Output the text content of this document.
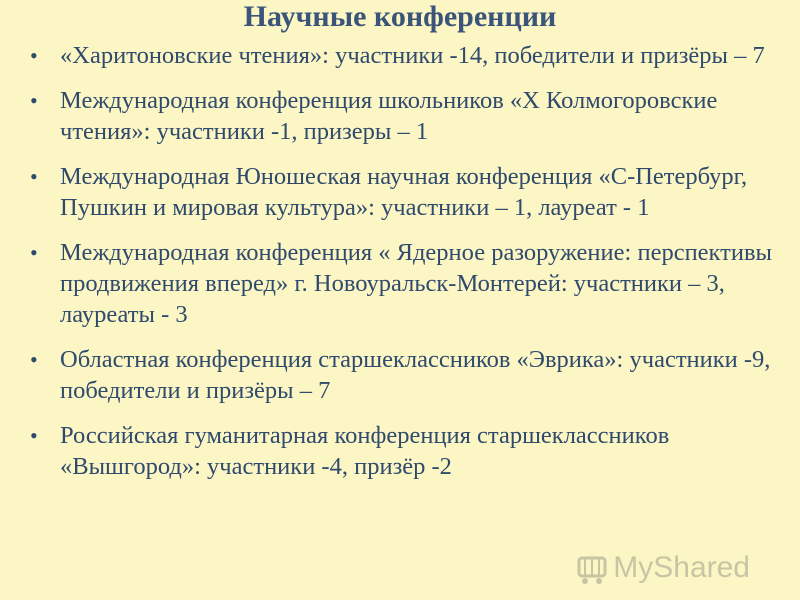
Научные конференции
• «Харитоновские чтения»: участники -14, победители и призёры – 7
• Международная конференция школьников «X Колмогоровские чтения»: участники -1, призеры – 1
• Международная Юношеская научная конференция «С-Петербург, Пушкин и мировая культура»: участники – 1, лауреат - 1
• Международная конференция « Ядерное разоружение: перспективы продвижения вперед» г. Новоуральск-Монтерей: участники – 3, лауреаты - 3
• Областная конференция старшеклассников «Эврика»: участники -9, победители и призёры – 7
• Российская гуманитарная конференция старшеклассников «Вышгород»: участники -4, призёр -2
MyShared
